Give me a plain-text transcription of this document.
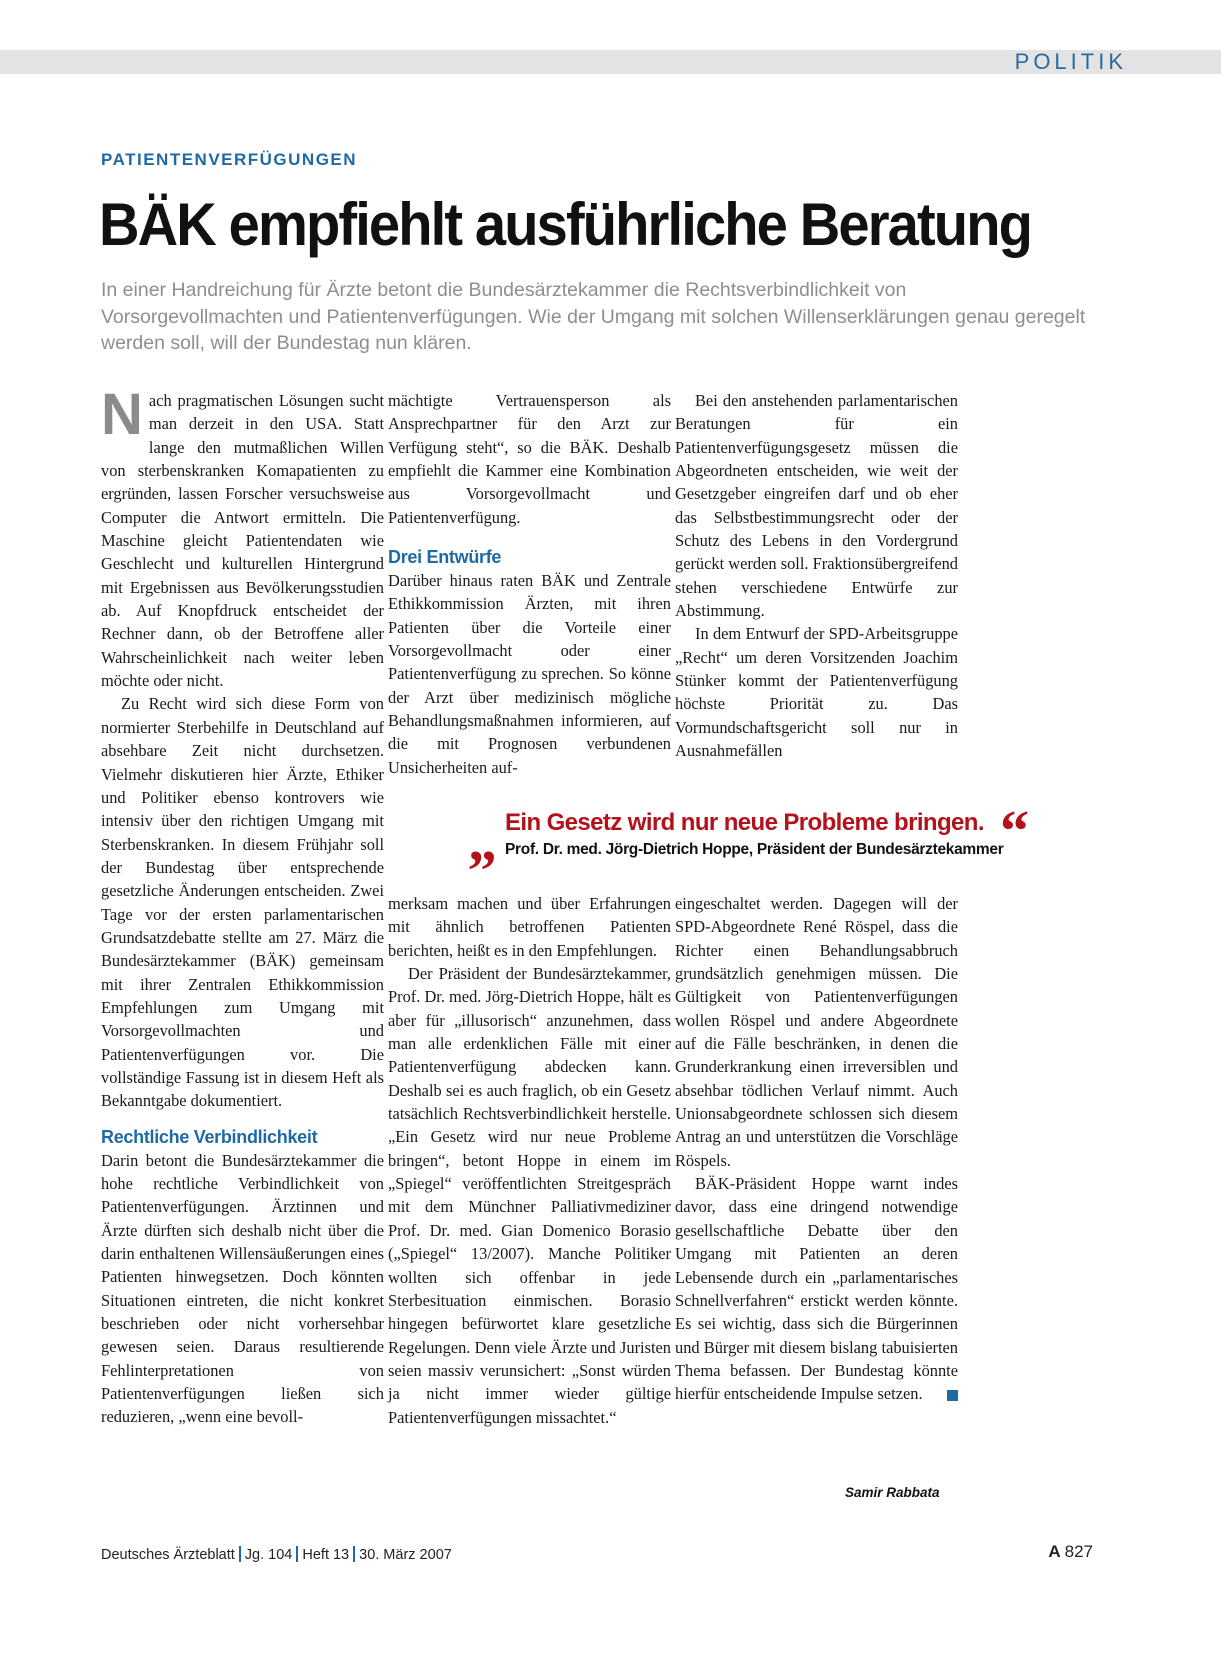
POLITIK
PATIENTENVERFÜGUNGEN
BÄK empfiehlt ausführliche Beratung

In einer Handreichung für Ärzte betont die Bundesärztekammer die Rechtsverbindlichkeit von Vorsorgevollmachten und Patientenverfügungen. Wie der Umgang mit solchen Willenserklärungen genau geregelt werden soll, will der Bundestag nun klären.

Nach pragmatischen Lösungen sucht man derzeit in den USA. Statt lange den mutmaßlichen Willen von sterbenskranken Komapatienten zu ergründen, lassen Forscher versuchsweise Computer die Antwort ermitteln. Die Maschine gleicht Patientendaten wie Geschlecht und kulturellen Hintergrund mit Ergebnissen aus Bevölkerungsstudien ab. Auf Knopfdruck entscheidet der Rechner dann, ob der Betroffene aller Wahrscheinlichkeit nach weiter leben möchte oder nicht.

Zu Recht wird sich diese Form von normierter Sterbehilfe in Deutschland auf absehbare Zeit nicht durchsetzen. Vielmehr diskutieren hier Ärzte, Ethiker und Politiker ebenso kontrovers wie intensiv über den richtigen Umgang mit Sterbenskranken. In diesem Frühjahr soll der Bundestag über entsprechende gesetzliche Änderungen entscheiden. Zwei Tage vor der ersten parlamentarischen Grundsatzdebatte stellte am 27. März die Bundesärztekammer (BÄK) gemeinsam mit ihrer Zentralen Ethikkommission Empfehlungen zum Umgang mit Vorsorgevollmachten und Patientenverfügungen vor. Die vollständige Fassung ist in diesem Heft als Bekanntgabe dokumentiert.

Rechtliche Verbindlichkeit

Darin betont die Bundesärztekammer die hohe rechtliche Verbindlichkeit von Patientenverfügungen. Ärztinnen und Ärzte dürften sich deshalb nicht über die darin enthaltenen Willensäußerungen eines Patienten hinwegsetzen. Doch könnten Situationen eintreten, die nicht konkret beschrieben oder nicht vorhersehbar gewesen seien. Daraus resultierende Fehlinterpretationen von Patientenverfügungen ließen sich reduzieren, „wenn eine bevoll-

mächtigte Vertrauensperson als Ansprechpartner für den Arzt zur Verfügung steht“, so die BÄK. Deshalb empfiehlt die Kammer eine Kombination aus Vorsorgevollmacht und Patientenverfügung.

Drei Entwürfe

Darüber hinaus raten BÄK und Zentrale Ethikkommission Ärzten, mit ihren Patienten über die Vorteile einer Vorsorgevollmacht oder einer Patientenverfügung zu sprechen. So könne der Arzt über medizinisch mögliche Behandlungsmaßnahmen informieren, auf die mit Prognosen verbundenen Unsicherheiten auf-

Bei den anstehenden parlamentarischen Beratungen für ein Patientenverfügungsgesetz müssen die Abgeordneten entscheiden, wie weit der Gesetzgeber eingreifen darf und ob eher das Selbstbestimmungsrecht oder der Schutz des Lebens in den Vordergrund gerückt werden soll. Fraktionsübergreifend stehen verschiedene Entwürfe zur Abstimmung.

In dem Entwurf der SPD-Arbeitsgruppe „Recht“ um deren Vorsitzenden Joachim Stünker kommt der Patientenverfügung höchste Priorität zu. Das Vormundschaftsgericht soll nur in Ausnahmefällen

„ Ein Gesetz wird nur neue Probleme bringen. “
Prof. Dr. med. Jörg-Dietrich Hoppe, Präsident der Bundesärztekammer

merksam machen und über Erfahrungen mit ähnlich betroffenen Patienten berichten, heißt es in den Empfehlungen.

Der Präsident der Bundesärztekammer, Prof. Dr. med. Jörg-Dietrich Hoppe, hält es aber für „illusorisch“ anzunehmen, dass man alle erdenklichen Fälle mit einer Patientenverfügung abdecken kann. Deshalb sei es auch fraglich, ob ein Gesetz tatsächlich Rechtsverbindlichkeit herstelle. „Ein Gesetz wird nur neue Probleme bringen“, betont Hoppe in einem im „Spiegel“ veröffentlichten Streitgespräch mit dem Münchner Palliativmediziner Prof. Dr. med. Gian Domenico Borasio („Spiegel“ 13/2007). Manche Politiker wollten sich offenbar in jede Sterbesituation einmischen. Borasio hingegen befürwortet klare gesetzliche Regelungen. Denn viele Ärzte und Juristen seien massiv verunsichert: „Sonst würden ja nicht immer wieder gültige Patientenverfügungen missachtet.“

eingeschaltet werden. Dagegen will der SPD-Abgeordnete René Röspel, dass die Richter einen Behandlungsabbruch grundsätzlich genehmigen müssen. Die Gültigkeit von Patientenverfügungen wollen Röspel und andere Abgeordnete auf die Fälle beschränken, in denen die Grunderkrankung einen irreversiblen und absehbar tödlichen Verlauf nimmt. Auch Unionsabgeordnete schlossen sich diesem Antrag an und unterstützen die Vorschläge Röspels.

BÄK-Präsident Hoppe warnt indes davor, dass eine dringend notwendige gesellschaftliche Debatte über den Umgang mit Patienten an deren Lebensende durch ein „parlamentarisches Schnellverfahren“ erstickt werden könnte. Es sei wichtig, dass sich die Bürgerinnen und Bürger mit diesem bislang tabuisierten Thema befassen. Der Bundestag könnte hierfür entscheidende Impulse setzen.

Samir Rabbata
Deutsches Ärzteblatt Jg. 104 Heft 13 30. März 2007	A 827
